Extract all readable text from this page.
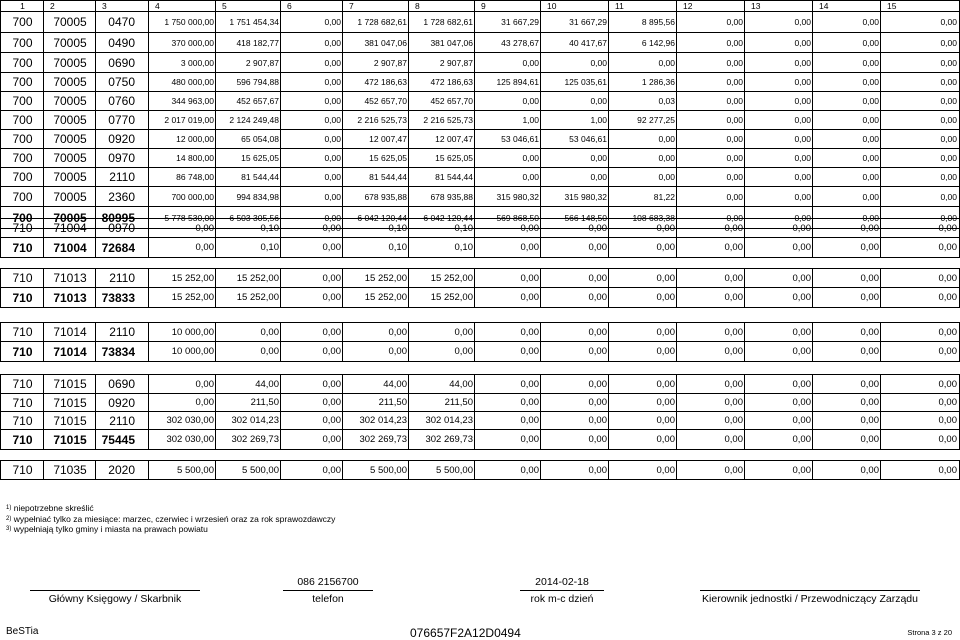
1	2	3	4	5	6	7	8	9	10	11	12	13	14	15
700	70005	0470	1 750 000,00	1 751 454,34	0,00	1 728 682,61	1 728 682,61	31 667,29	31 667,29	8 895,56	0,00	0,00	0,00	0,00
700	70005	0490	370 000,00	418 182,77	0,00	381 047,06	381 047,06	43 278,67	40 417,67	6 142,96	0,00	0,00	0,00	0,00
700	70005	0690	3 000,00	2 907,87	0,00	2 907,87	2 907,87	0,00	0,00	0,00	0,00	0,00	0,00	0,00
700	70005	0750	480 000,00	596 794,88	0,00	472 186,63	472 186,63	125 894,61	125 035,61	1 286,36	0,00	0,00	0,00	0,00
700	70005	0760	344 963,00	452 657,67	0,00	452 657,70	452 657,70	0,00	0,00	0,03	0,00	0,00	0,00	0,00
700	70005	0770	2 017 019,00	2 124 249,48	0,00	2 216 525,73	2 216 525,73	1,00	1,00	92 277,25	0,00	0,00	0,00	0,00
700	70005	0920	12 000,00	65 054,08	0,00	12 007,47	12 007,47	53 046,61	53 046,61	0,00	0,00	0,00	0,00	0,00
700	70005	0970	14 800,00	15 625,05	0,00	15 625,05	15 625,05	0,00	0,00	0,00	0,00	0,00	0,00	0,00
700	70005	2110	86 748,00	81 544,44	0,00	81 544,44	81 544,44	0,00	0,00	0,00	0,00	0,00	0,00	0,00
700	70005	2360	700 000,00	994 834,98	0,00	678 935,88	678 935,88	315 980,32	315 980,32	81,22	0,00	0,00	0,00	0,00
700	70005	80995	5 778 530,00	6 503 305,56	0,00	6 042 120,44	6 042 120,44	569 868,50	566 148,50	108 683,38	0,00	0,00	0,00	0,00
710	71004	0970	0,00	0,10	0,00	0,10	0,10	0,00	0,00	0,00	0,00	0,00	0,00	0,00
710	71004	72684	0,00	0,10	0,00	0,10	0,10	0,00	0,00	0,00	0,00	0,00	0,00	0,00
710	71013	2110	15 252,00	15 252,00	0,00	15 252,00	15 252,00	0,00	0,00	0,00	0,00	0,00	0,00	0,00
710	71013	73833	15 252,00	15 252,00	0,00	15 252,00	15 252,00	0,00	0,00	0,00	0,00	0,00	0,00	0,00
710	71014	2110	10 000,00	0,00	0,00	0,00	0,00	0,00	0,00	0,00	0,00	0,00	0,00	0,00
710	71014	73834	10 000,00	0,00	0,00	0,00	0,00	0,00	0,00	0,00	0,00	0,00	0,00	0,00
710	71015	0690	0,00	44,00	0,00	44,00	44,00	0,00	0,00	0,00	0,00	0,00	0,00	0,00
710	71015	0920	0,00	211,50	0,00	211,50	211,50	0,00	0,00	0,00	0,00	0,00	0,00	0,00
710	71015	2110	302 030,00	302 014,23	0,00	302 014,23	302 014,23	0,00	0,00	0,00	0,00	0,00	0,00	0,00
710	71015	75445	302 030,00	302 269,73	0,00	302 269,73	302 269,73	0,00	0,00	0,00	0,00	0,00	0,00	0,00
710	71035	2020	5 500,00	5 500,00	0,00	5 500,00	5 500,00	0,00	0,00	0,00	0,00	0,00	0,00	0,00
$^{1)}$ niepotrzebne skreślić
$^{2)}$ wypełniać tylko za miesiące: marzec, czerwiec i wrzesień oraz za rok sprawozdawczy
$^{3)}$ wypełniają tylko gminy i miasta na prawach powiatu
086 2156700
telefon
2014-02-18
rok m-c dzień
Główny Księgowy / Skarbnik	Kierownik jednostki / Przewodniczący Zarządu
BeSTia	076657F2A12D0494	Strona 3 z 20
